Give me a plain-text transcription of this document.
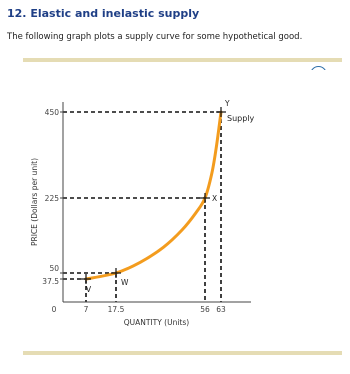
12. Elastic and inelastic supply
The following graph plots a supply curve for some hypothetical good.
Supply
V
W
X
Y
37.5
50
225
450
7	17.5	56 63
0
QUANTITY (Units)
PRICE (Dollars per unit)
